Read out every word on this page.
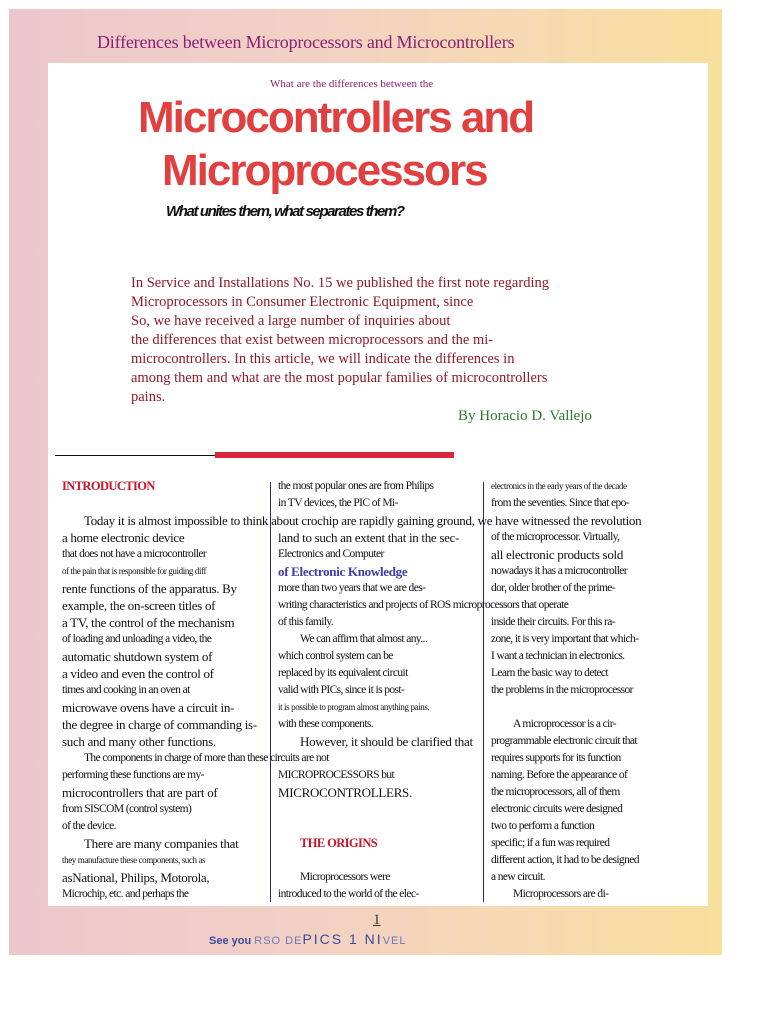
Differences between Microprocessors and Microcontrollers
What are the differences between the
Microcontrollers and
Microprocessors
What unites them, what separates them?
In Service and Installations No. 15 we published the first note regarding
Microprocessors in Consumer Electronic Equipment, since
So, we have received a large number of inquiries about
the differences that exist between microprocessors and the mi-
microcontrollers. In this article, we will indicate the differences in
among them and what are the most popular families of microcontrollers
pains.
By Horacio D. Vallejo
INTRODUCTION

Today it is almost impossible to think about crochip are rapidly gaining ground, we have witnessed the revolution
a home electronic device
that does not have a microcontroller
of the pain that is responsible for guiding diff
rente functions of the apparatus. By
example, the on-screen titles of
a TV, the control of the mechanism
of loading and unloading a video, the
automatic shutdown system of
a video and even the control of
times and cooking in an oven at
microwave ovens have a circuit in-
the degree in charge of commanding is-
such and many other functions.
The components in charge of more than these circuits are not
performing these functions are my-
microcontrollers that are part of
from SISCOM (control system)
of the device.
There are many companies that
they manufacture these components, such as
asNational, Philips, Motorola,
Microchip, etc. and perhaps the
the most popular ones are from Philips
in TV devices, the PIC of Mi-

land to such an extent that in the sec-
Electronics and Computer
of Electronic Knowledge
more than two years that we are des-
writing characteristics and projects of ROS microprocessors that operate
of this family.
We can affirm that almost any...
which control system can be
replaced by its equivalent circuit
valid with PICs, since it is post-
it is possible to program almost anything pains.
with these components.
However, it should be clarified that

MICROPROCESSORS but
MICROCONTROLLERS.

THE ORIGINS

Microprocessors were
introduced to the world of the elec-
electronics in the early years of the decade
from the seventies. Since that epo-

of the microprocessor. Virtually,
all electronic products sold
nowadays it has a microcontroller
dor, older brother of the prime-

inside their circuits. For this ra-
zone, it is very important that which-
I want a technician in electronics.
Learn the basic way to detect
the problems in the microprocessor

A microprocessor is a cir-
programmable electronic circuit that
requires supports for its function
naming. Before the appearance of
the microprocessors, all of them
electronic circuits were designed
two to perform a function
specific; if a fun was required
different action, it had to be designed
a new circuit.
Microprocessors are di-
1
See you RSO DEPICS 1 NIVEL
